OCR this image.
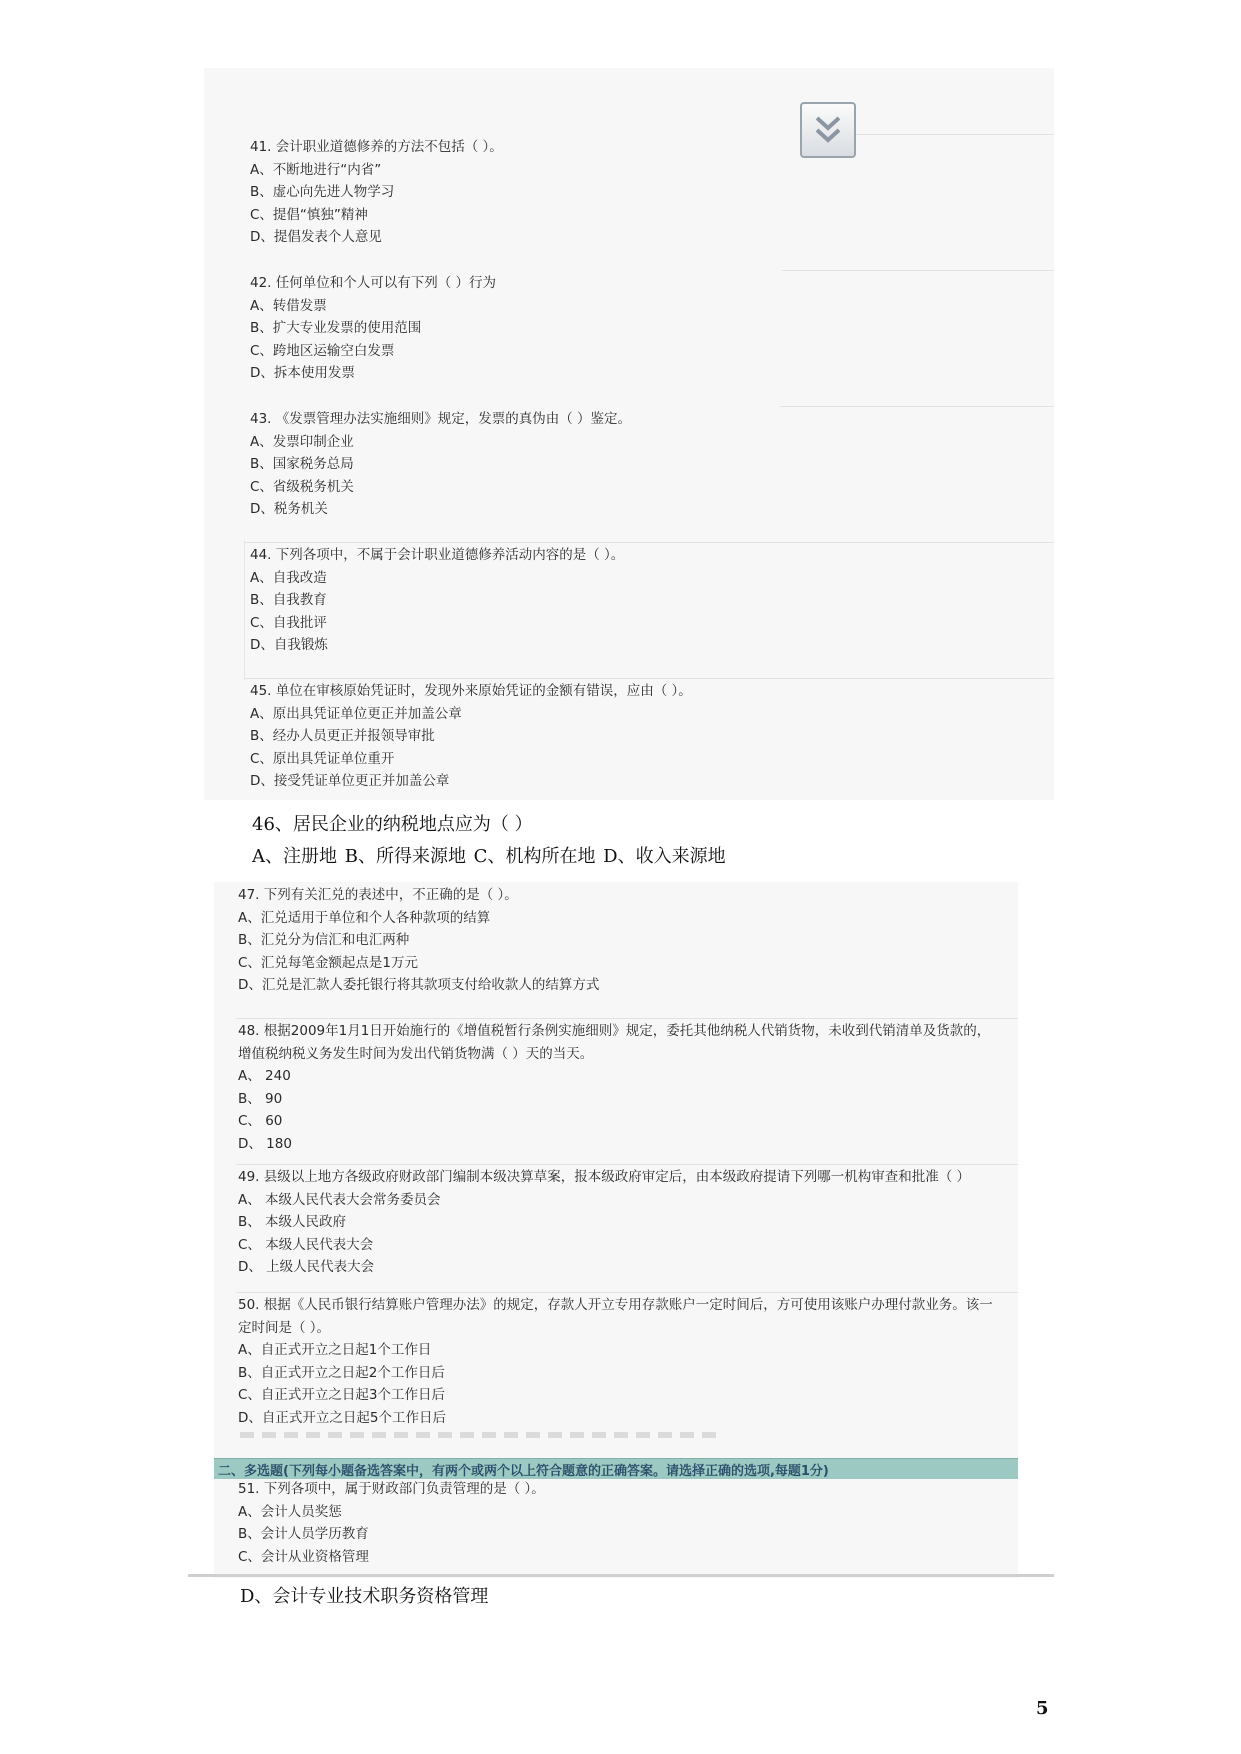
41. 会计职业道德修养的方法不包括（ ）。
A、不断地进行“内省”
B、虚心向先进人物学习
C、提倡“慎独”精神
D、提倡发表个人意见
42. 任何单位和个人可以有下列（ ）行为
A、转借发票
B、扩大专业发票的使用范围
C、跨地区运输空白发票
D、拆本使用发票
43. 《发票管理办法实施细则》规定，发票的真伪由（ ）鉴定。
A、发票印制企业
B、国家税务总局
C、省级税务机关
D、税务机关
44. 下列各项中，不属于会计职业道德修养活动内容的是（ ）。
A、自我改造
B、自我教育
C、自我批评
D、自我锻炼
45. 单位在审核原始凭证时，发现外来原始凭证的金额有错误，应由（ ）。
A、原出具凭证单位更正并加盖公章
B、经办人员更正并报领导审批
C、原出具凭证单位重开
D、接受凭证单位更正并加盖公章
46、居民企业的纳税地点应为（ ）
A、注册地 B、所得来源地 C、机构所在地 D、收入来源地
47. 下列有关汇兑的表述中，不正确的是（ ）。
A、汇兑适用于单位和个人各种款项的结算
B、汇兑分为信汇和电汇两种
C、汇兑每笔金额起点是1万元
D、汇兑是汇款人委托银行将其款项支付给收款人的结算方式
48. 根据2009年1月1日开始施行的《增值税暂行条例实施细则》规定，委托其他纳税人代销货物，未收到代销清单及货款的，增值税纳税义务发生时间为发出代销货物满（ ）天的当天。
A、 240
B、 90
C、 60
D、 180
49. 县级以上地方各级政府财政部门编制本级决算草案，报本级政府审定后，由本级政府提请下列哪一机构审查和批准（ ）
A、 本级人民代表大会常务委员会
B、 本级人民政府
C、 本级人民代表大会
D、 上级人民代表大会
50. 根据《人民币银行结算账户管理办法》的规定，存款人开立专用存款账户一定时间后，方可使用该账户办理付款业务。该一定时间是（ ）。
A、自正式开立之日起1个工作日
B、自正式开立之日起2个工作日后
C、自正式开立之日起3个工作日后
D、自正式开立之日起5个工作日后
二、多选题(下列每小题备选答案中，有两个或两个以上符合题意的正确答案。请选择正确的选项,每题1分)
51. 下列各项中，属于财政部门负责管理的是（ ）。
A、会计人员奖惩
B、会计人员学历教育
C、会计从业资格管理
D、会计专业技术职务资格管理
5
